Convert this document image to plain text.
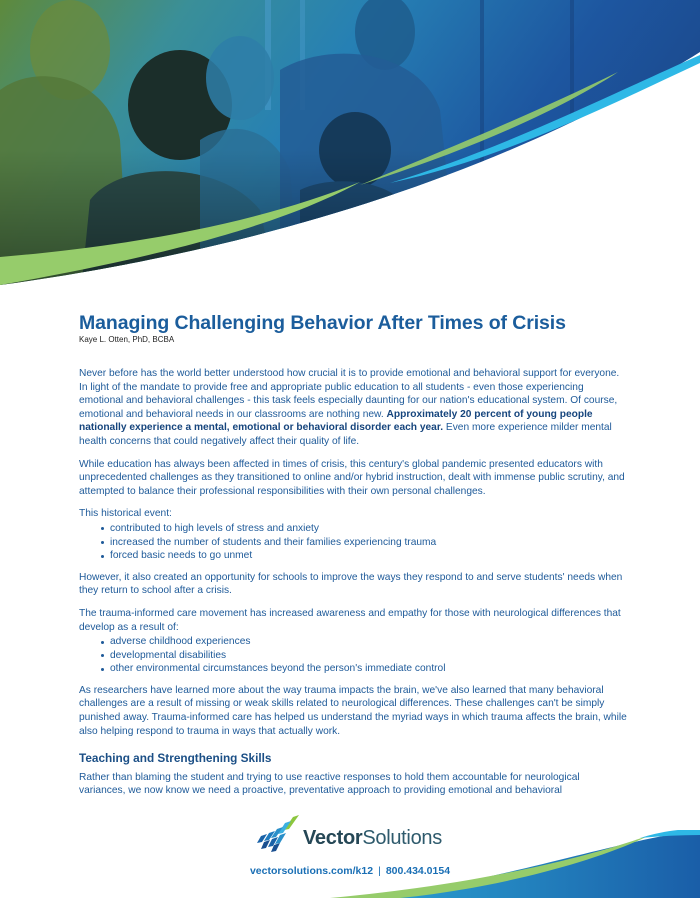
Managing Challenging Behavior After Times of Crisis
Kaye L. Otten, PhD, BCBA

Never before has the world better understood how crucial it is to provide emotional and behavioral support for everyone. In light of the mandate to provide free and appropriate public education to all students - even those experiencing emotional and behavioral challenges - this task feels especially daunting for our nation's educational system. Of course, emotional and behavioral needs in our classrooms are nothing new. Approximately 20 percent of young people nationally experience a mental, emotional or behavioral disorder each year. Even more experience milder mental health concerns that could negatively affect their quality of life.

While education has always been affected in times of crisis, this century's global pandemic presented educators with unprecedented challenges as they transitioned to online and/or hybrid instruction, dealt with immense public scrutiny, and attempted to balance their professional responsibilities with their own personal challenges.

This historical event:

contributed to high levels of stress and anxiety
increased the number of students and their families experiencing trauma
forced basic needs to go unmet

However, it also created an opportunity for schools to improve the ways they respond to and serve students' needs when they return to school after a crisis.

The trauma-informed care movement has increased awareness and empathy for those with neurological differences that develop as a result of:

adverse childhood experiences
developmental disabilities
other environmental circumstances beyond the person's immediate control

As researchers have learned more about the way trauma impacts the brain, we've also learned that many behavioral challenges are a result of missing or weak skills related to neurological differences. These challenges can't be simply punished away. Trauma-informed care has helped us understand the myriad ways in which trauma affects the brain, while also helping respond to trauma in ways that actually work.

Teaching and Strengthening Skills

Rather than blaming the student and trying to use reactive responses to hold them accountable for neurological variances, we now know we need a proactive, preventative approach to providing emotional and behavioral

VectorSolutions
vectorsolutions.com/k12 | 800.434.0154
